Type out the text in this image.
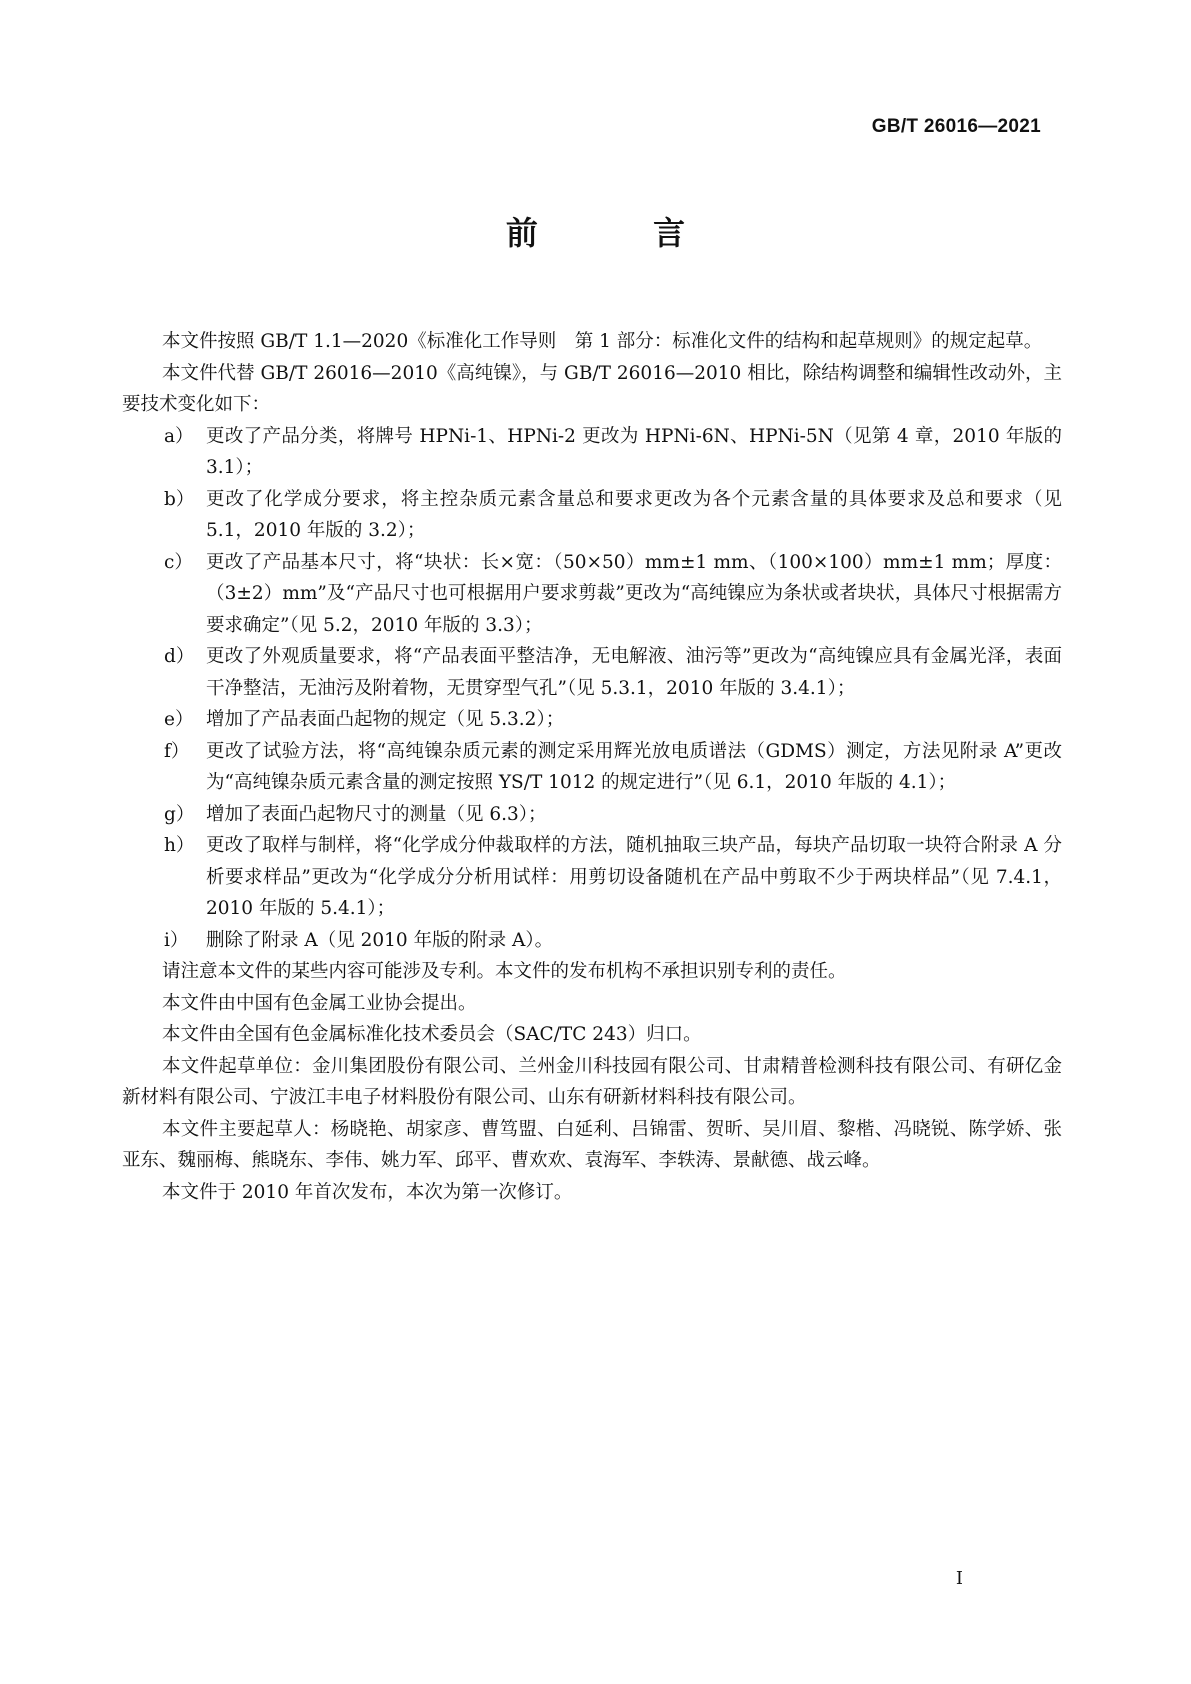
GB/T 26016—2021
前 言

本文件按照 GB/T 1.1—2020《标准化工作导则　第 1 部分：标准化文件的结构和起草规则》的规定起草。

本文件代替 GB/T 26016—2010《高纯镍》，与 GB/T 26016—2010 相比，除结构调整和编辑性改动外，主要技术变化如下：

a） 更改了产品分类，将牌号 HPNi-1、HPNi-2 更改为 HPNi-6N、HPNi-5N（见第 4 章，2010 年版的 3.1）；
b） 更改了化学成分要求，将主控杂质元素含量总和要求更改为各个元素含量的具体要求及总和要求（见 5.1，2010 年版的 3.2）；
c） 更改了产品基本尺寸，将“块状：长×宽：（50×50）mm±1 mm、（100×100）mm±1 mm；厚度：（3±2）mm”及“产品尺寸也可根据用户要求剪裁”更改为“高纯镍应为条状或者块状，具体尺寸根据需方要求确定”（见 5.2，2010 年版的 3.3）；
d） 更改了外观质量要求，将“产品表面平整洁净，无电解液、油污等”更改为“高纯镍应具有金属光泽，表面干净整洁，无油污及附着物，无贯穿型气孔”（见 5.3.1，2010 年版的 3.4.1）；
e） 增加了产品表面凸起物的规定（见 5.3.2）；
f） 更改了试验方法，将“高纯镍杂质元素的测定采用辉光放电质谱法（GDMS）测定，方法见附录 A”更改为“高纯镍杂质元素含量的测定按照 YS/T 1012 的规定进行”（见 6.1，2010 年版的 4.1）；
g） 增加了表面凸起物尺寸的测量（见 6.3）；
h） 更改了取样与制样，将“化学成分仲裁取样的方法，随机抽取三块产品，每块产品切取一块符合附录 A 分析要求样品”更改为“化学成分分析用试样：用剪切设备随机在产品中剪取不少于两块样品”（见 7.4.1，2010 年版的 5.4.1）；
i） 删除了附录 A（见 2010 年版的附录 A）。

请注意本文件的某些内容可能涉及专利。本文件的发布机构不承担识别专利的责任。

本文件由中国有色金属工业协会提出。

本文件由全国有色金属标准化技术委员会（SAC/TC 243）归口。

本文件起草单位：金川集团股份有限公司、兰州金川科技园有限公司、甘肃精普检测科技有限公司、有研亿金新材料有限公司、宁波江丰电子材料股份有限公司、山东有研新材料科技有限公司。

本文件主要起草人：杨晓艳、胡家彦、曹笃盟、白延利、吕锦雷、贺昕、吴川眉、黎楷、冯晓锐、陈学娇、张亚东、魏丽梅、熊晓东、李伟、姚力军、邱平、曹欢欢、袁海军、李轶涛、景献德、战云峰。

本文件于 2010 年首次发布，本次为第一次修订。

I
